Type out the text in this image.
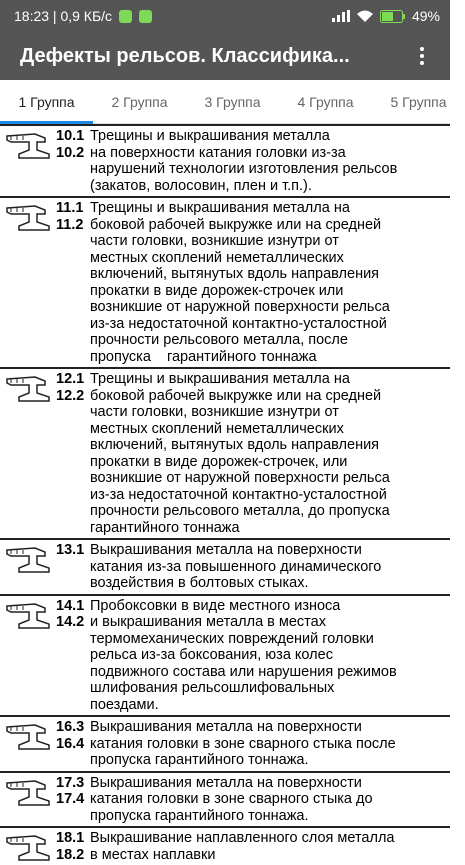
18:23 | 0,9 КБ/с	49%
Дефекты рельсов. Классифика...
1 Группа	2 Группа	3 Группа	4 Группа	5 Группа
10.1
10.2
Трещины и выкрашивания металла
на поверхности катания головки из-за
нарушений технологии изготовления рельсов
(закатов, волосовин, плен и т.п.).
11.1
11.2
Трещины и выкрашивания металла на
боковой рабочей выкружке или на средней
части головки, возникшие изнутри от
местных скоплений неметаллических
включений, вытянутых вдоль направления
прокатки в виде дорожек-строчек или
возникшие от наружной поверхности рельса
из-за недостаточной контактно-усталостной
прочности рельсового металла, после
пропуска    гарантийного тоннажа
12.1
12.2
Трещины и выкрашивания металла на
боковой рабочей выкружке или на средней
части головки, возникшие изнутри от
местных скоплений неметаллических
включений, вытянутых вдоль направления
прокатки в виде дорожек-строчек, или
возникшие от наружной поверхности рельса
из-за недостаточной контактно-усталостной
прочности рельсового металла, до пропуска
гарантийного тоннажа
13.1 Выкрашивания металла на поверхности
катания из-за повышенного динамического
воздействия в болтовых стыках.
14.1
14.2
Пробоксовки в виде местного износа
и выкрашивания металла в местах
термомеханических повреждений головки
рельса из-за боксования, юза колес
подвижного состава или нарушения режимов
шлифования рельсошлифовальных
поездами.
16.3
16.4
Выкрашивания металла на поверхности
катания головки в зоне сварного стыка после
пропуска гарантийного тоннажа.
17.3
17.4
Выкрашивания металла на поверхности
катания головки в зоне сварного стыка до
пропуска гарантийного тоннажа.
18.1
18.2
Выкрашивание наплавленного слоя металла
в местах наплавки
